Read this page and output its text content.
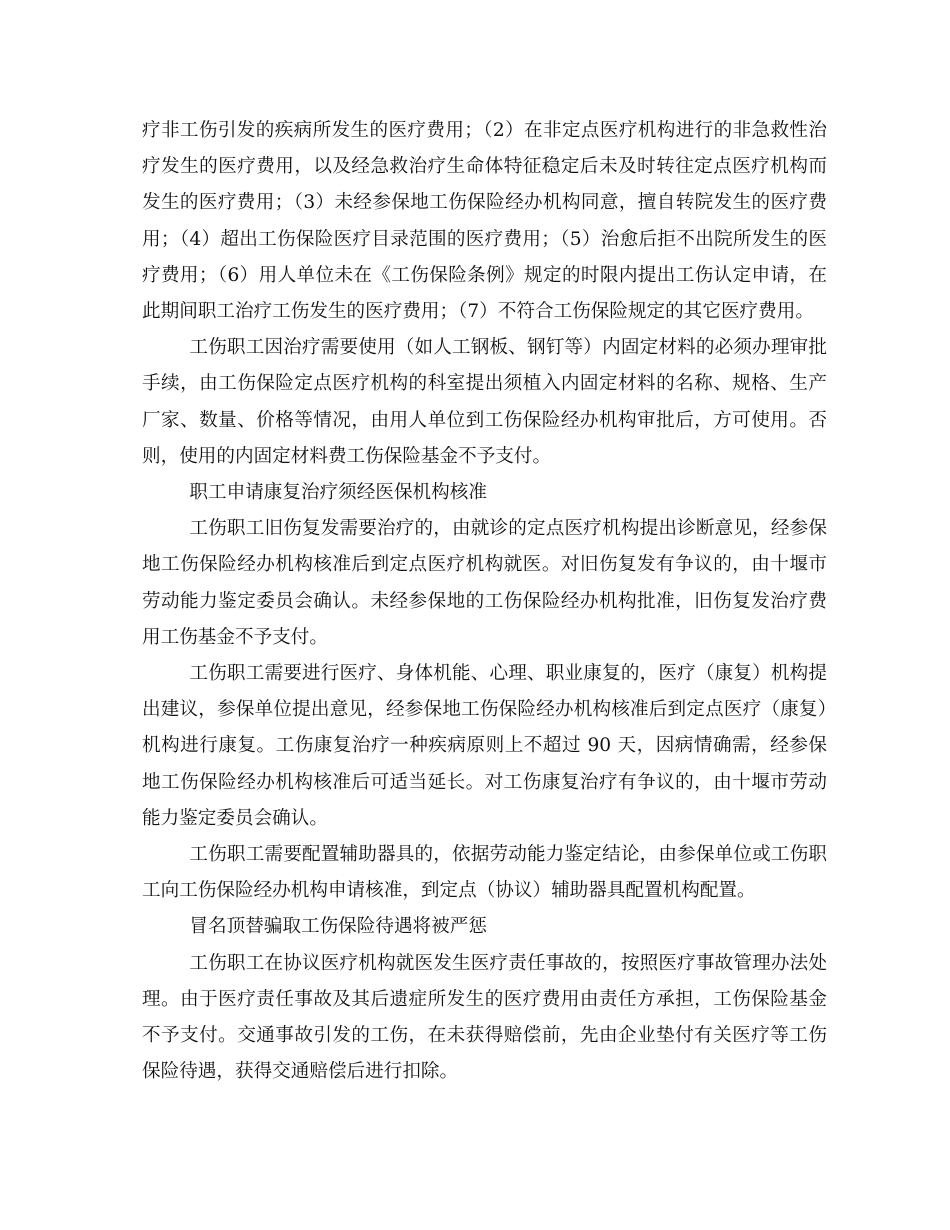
疗非工伤引发的疾病所发生的医疗费用；（2）在非定点医疗机构进行的非急救性治疗发生的医疗费用，以及经急救治疗生命体特征稳定后未及时转往定点医疗机构而发生的医疗费用；（3）未经参保地工伤保险经办机构同意，擅自转院发生的医疗费用；（4）超出工伤保险医疗目录范围的医疗费用；（5）治愈后拒不出院所发生的医疗费用；（6）用人单位未在《工伤保险条例》规定的时限内提出工伤认定申请，在此期间职工治疗工伤发生的医疗费用；（7）不符合工伤保险规定的其它医疗费用。

工伤职工因治疗需要使用（如人工钢板、钢钉等）内固定材料的必须办理审批手续，由工伤保险定点医疗机构的科室提出须植入内固定材料的名称、规格、生产厂家、数量、价格等情况，由用人单位到工伤保险经办机构审批后，方可使用。否则，使用的内固定材料费工伤保险基金不予支付。

职工申请康复治疗须经医保机构核准

工伤职工旧伤复发需要治疗的，由就诊的定点医疗机构提出诊断意见，经参保地工伤保险经办机构核准后到定点医疗机构就医。对旧伤复发有争议的，由十堰市劳动能力鉴定委员会确认。未经参保地的工伤保险经办机构批准，旧伤复发治疗费用工伤基金不予支付。

工伤职工需要进行医疗、身体机能、心理、职业康复的，医疗（康复）机构提出建议，参保单位提出意见，经参保地工伤保险经办机构核准后到定点医疗（康复）机构进行康复。工伤康复治疗一种疾病原则上不超过 90 天，因病情确需，经参保地工伤保险经办机构核准后可适当延长。对工伤康复治疗有争议的，由十堰市劳动能力鉴定委员会确认。

工伤职工需要配置辅助器具的，依据劳动能力鉴定结论，由参保单位或工伤职工向工伤保险经办机构申请核准，到定点（协议）辅助器具配置机构配置。

冒名顶替骗取工伤保险待遇将被严惩

工伤职工在协议医疗机构就医发生医疗责任事故的，按照医疗事故管理办法处理。由于医疗责任事故及其后遗症所发生的医疗费用由责任方承担，工伤保险基金不予支付。交通事故引发的工伤，在未获得赔偿前，先由企业垫付有关医疗等工伤保险待遇，获得交通赔偿后进行扣除。
